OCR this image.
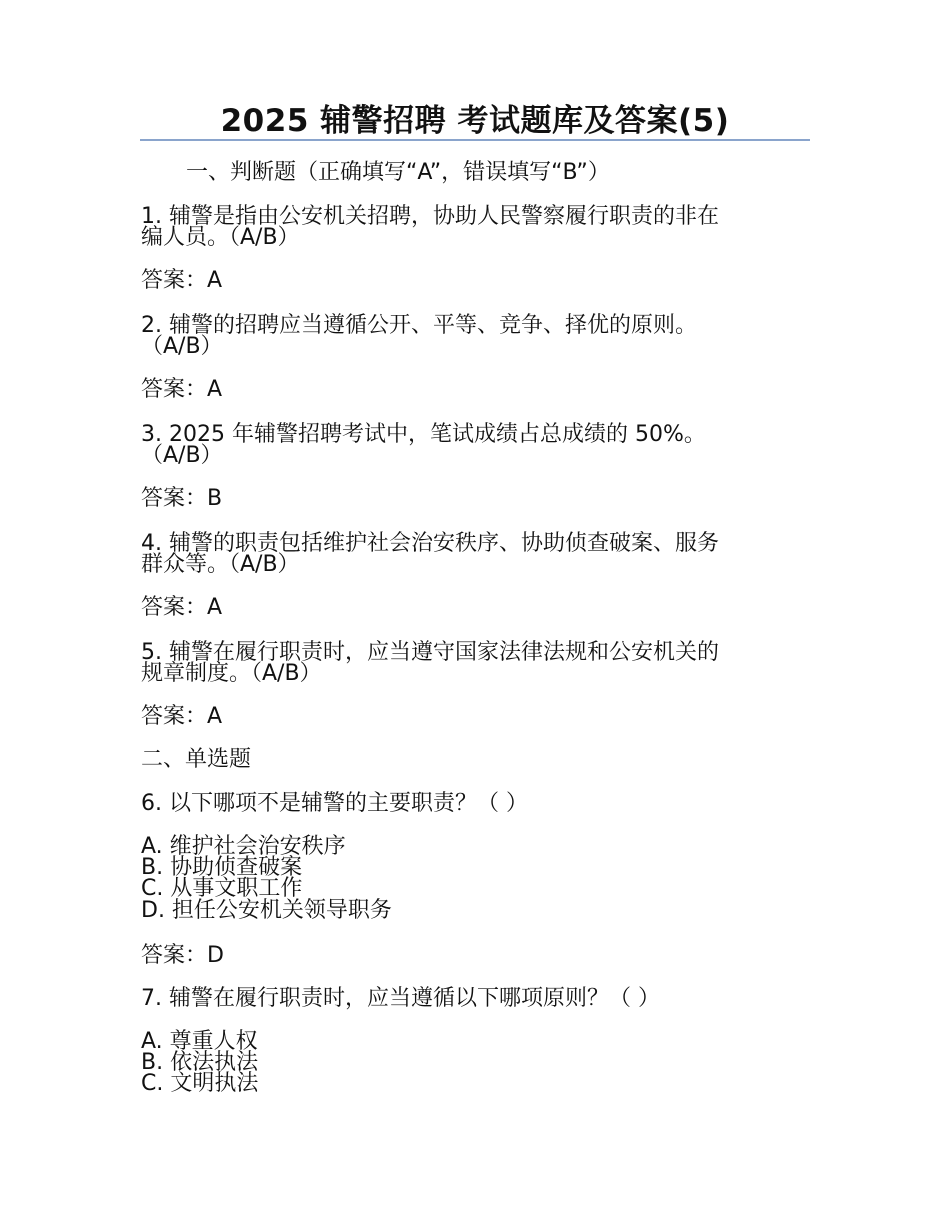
2025 辅警招聘 考试题库及答案(5)

一、判断题（正确填写“A”，错误填写“B”）

1. 辅警是指由公安机关招聘，协助人民警察履行职责的非在

编人员。（A/B）

答案：A

2. 辅警的招聘应当遵循公开、平等、竞争、择优的原则。

（A/B）

答案：A

3. 2025 年辅警招聘考试中，笔试成绩占总成绩的 50%。

（A/B）

答案：B

4. 辅警的职责包括维护社会治安秩序、协助侦查破案、服务

群众等。（A/B）

答案：A

5. 辅警在履行职责时，应当遵守国家法律法规和公安机关的

规章制度。（A/B）

答案：A

二、单选题

6. 以下哪项不是辅警的主要职责？（ ）

A. 维护社会治安秩序

B. 协助侦查破案

C. 从事文职工作

D. 担任公安机关领导职务

答案：D

7. 辅警在履行职责时，应当遵循以下哪项原则？（ ）

A. 尊重人权

B. 依法执法

C. 文明执法
